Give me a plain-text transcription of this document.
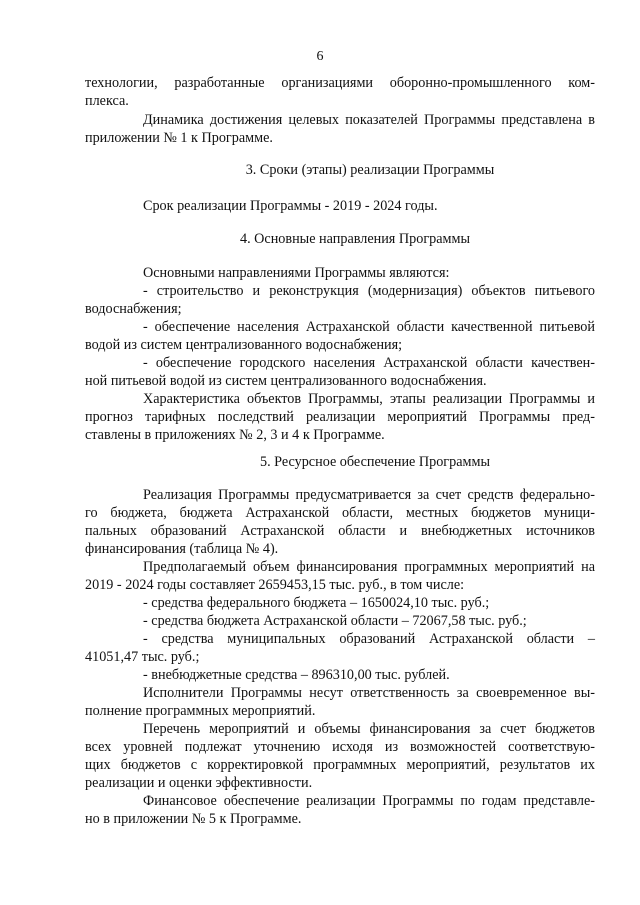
6
технологии, разработанные организациями оборонно-промышленного ком-
плекса.
Динамика достижения целевых показателей Программы представлена в
приложении № 1 к Программе.
3. Сроки (этапы) реализации Программы
Срок реализации Программы - 2019 - 2024 годы.
4. Основные направления Программы
Основными направлениями Программы являются:
- строительство и реконструкция (модернизация) объектов питьевого
водоснабжения;
- обеспечение населения Астраханской области качественной питьевой
водой из систем централизованного водоснабжения;
- обеспечение городского населения Астраханской области качествен-
ной питьевой водой из систем централизованного водоснабжения.
Характеристика объектов Программы, этапы реализации Программы и
прогноз тарифных последствий реализации мероприятий Программы пред-
ставлены в приложениях № 2, 3 и 4 к Программе.
5. Ресурсное обеспечение Программы
Реализация Программы предусматривается за счет средств федерально-
го бюджета, бюджета Астраханской области, местных бюджетов муници-
пальных образований Астраханской области и внебюджетных источников
финансирования (таблица № 4).
Предполагаемый объем финансирования программных мероприятий на
2019 - 2024 годы составляет 2659453,15 тыс. руб., в том числе:
- средства федерального бюджета – 1650024,10 тыс. руб.;
- средства бюджета Астраханской области – 72067,58 тыс. руб.;
- средства муниципальных образований Астраханской области –
41051,47 тыс. руб.;
- внебюджетные средства – 896310,00 тыс. рублей.
Исполнители Программы несут ответственность за своевременное вы-
полнение программных мероприятий.
Перечень мероприятий и объемы финансирования за счет бюджетов
всех уровней подлежат уточнению исходя из возможностей соответствую-
щих бюджетов с корректировкой программных мероприятий, результатов их
реализации и оценки эффективности.
Финансовое обеспечение реализации Программы по годам представле-
но в приложении № 5 к Программе.
